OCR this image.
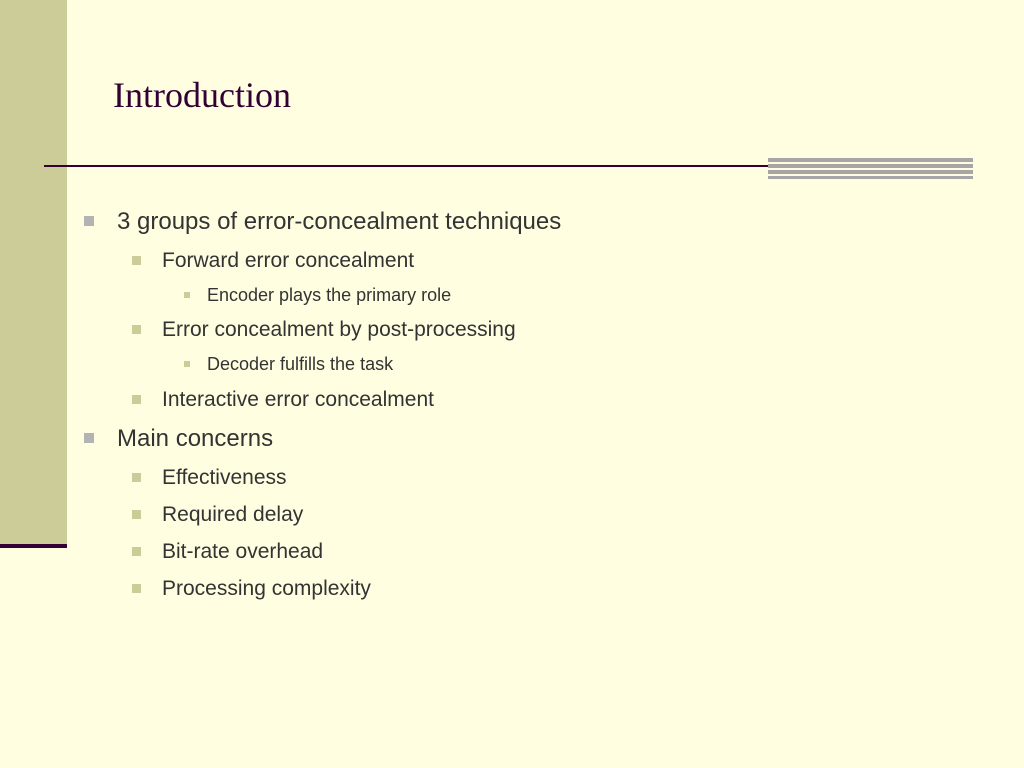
Introduction
3 groups of error-concealment techniques
Forward error concealment
Encoder plays the primary role
Error concealment by post-processing
Decoder fulfills the task
Interactive error concealment
Main concerns
Effectiveness
Required delay
Bit-rate overhead
Processing complexity
